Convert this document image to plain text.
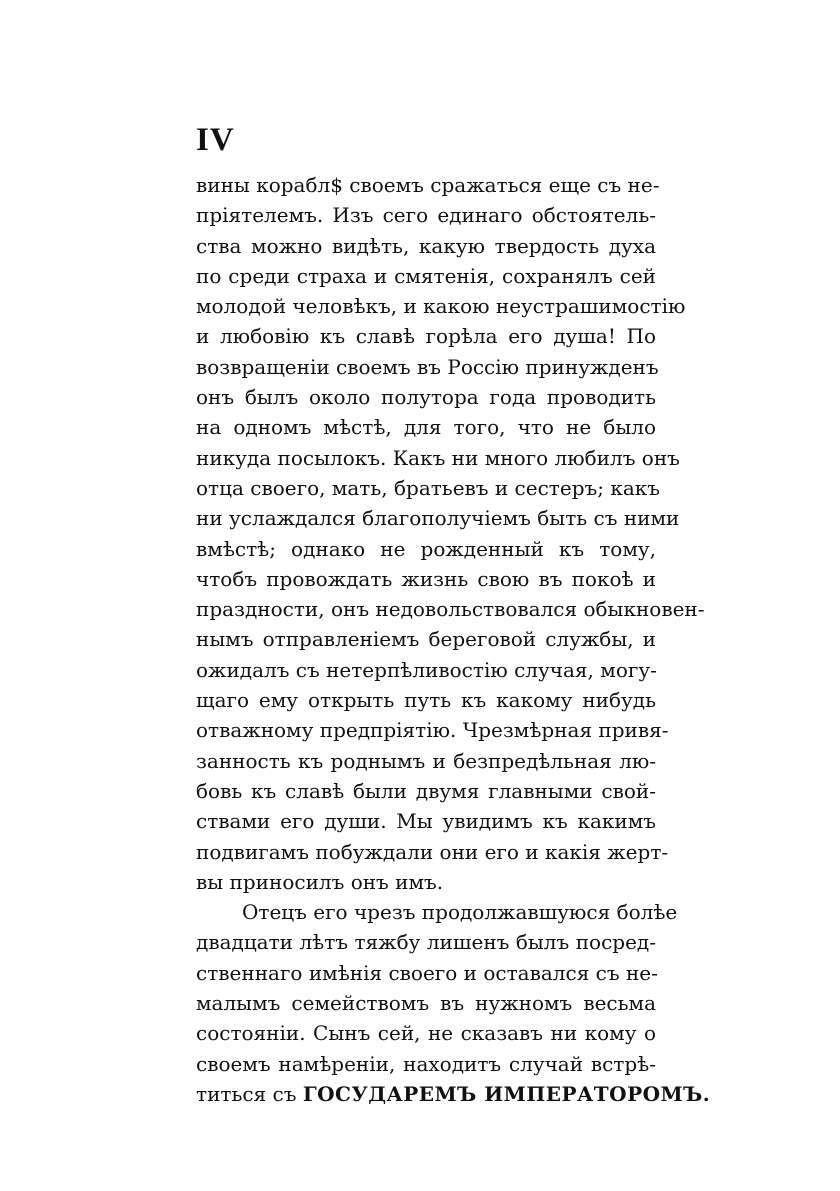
IV
вины корабл$ своемъ сражаться еще съ не-
пріятелемъ. Изъ сего единаго обстоятель-
ства можно видѣть, какую твердость духа
по среди страха и смятенія, сохранялъ сей
молодой человѣкъ, и какою неустрашимостію
и любовію къ славѣ горѣла его душа! По
возвращеніи своемъ въ Россію принужденъ
онъ былъ около полутора года проводить
на одномъ мѣстѣ, для того, что не было
никуда посылокъ. Какъ ни много любилъ онъ
отца своего, мать, братьевъ и сестеръ; какъ
ни услаждался благополучіемъ быть съ ними
вмѣстѣ; однако не рожденный къ тому,
чтобъ провождать жизнь свою въ покоѣ и
праздности, онъ недовольствовался обыкновен-
нымъ отправленіемъ береговой службы, и
ожидалъ съ нетерпѣливостію случая, могу-
щаго ему открыть путь къ какому нибудь
отважному предпріятію. Чрезмѣрная привя-
занность къ роднымъ и безпредѣльная лю-
бовь къ славѣ были двумя главными свой-
ствами его души. Мы увидимъ къ какимъ
подвигамъ побуждали они его и какія жерт-
вы приносилъ онъ имъ.
Отецъ его чрезъ продолжавшуюся болѣе
двадцати лѣтъ тяжбу лишенъ былъ посред-
ственнаго имѣнія своего и оставался съ не-
малымъ семействомъ въ нужномъ весьма
состояніи. Сынъ сей, не сказавъ ни кому о
своемъ намѣреніи, находитъ случай встрѣ-
титься съ ГОСУДАРЕМЪ ИМПЕРАТОРОМЪ.
